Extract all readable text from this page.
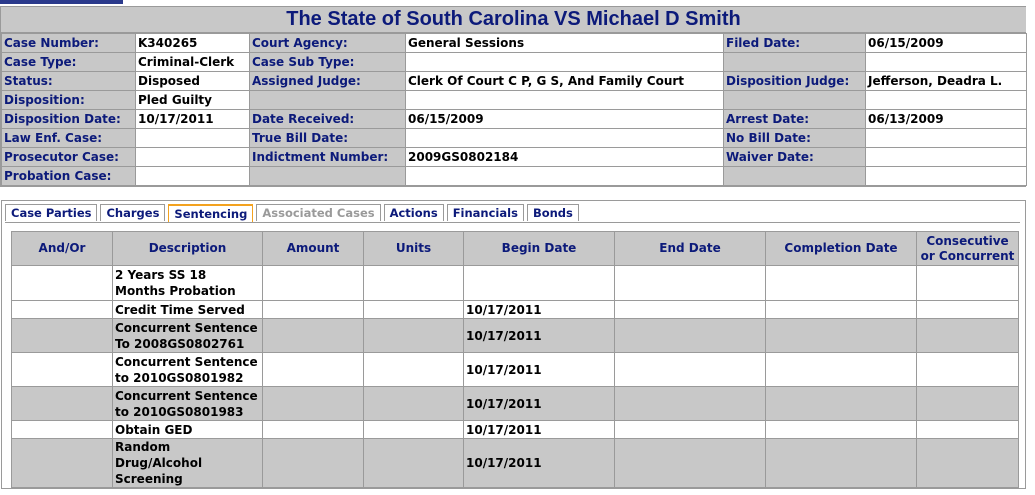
The State of South Carolina VS Michael D Smith
Case Number:	K340265	Court Agency:	General Sessions	Filed Date:	06/15/2009
Case Type:	Criminal-Clerk	Case Sub Type:			
Status:	Disposed	Assigned Judge:	Clerk Of Court C P, G S, And Family Court	Disposition Judge:	Jefferson, Deadra L.
Disposition:	Pled Guilty				
Disposition Date:	10/17/2011	Date Received:	06/15/2009	Arrest Date:	06/13/2009
Law Enf. Case:		True Bill Date:		No Bill Date:	
Prosecutor Case:		Indictment Number:	2009GS0802184	Waiver Date:	
Probation Case:					
Case Parties	Charges	Sentencing	Associated Cases	Actions	Financials	Bonds
And/Or	Description	Amount	Units	Begin Date	End Date	Completion Date	Consecutive or Concurrent
	2 Years SS 18 Months Probation						
	Credit Time Served			10/17/2011			
	Concurrent Sentence To 2008GS0802761			10/17/2011			
	Concurrent Sentence to 2010GS0801982			10/17/2011			
	Concurrent Sentence to 2010GS0801983			10/17/2011			
	Obtain GED			10/17/2011			
	Random Drug/Alcohol Screening			10/17/2011			
